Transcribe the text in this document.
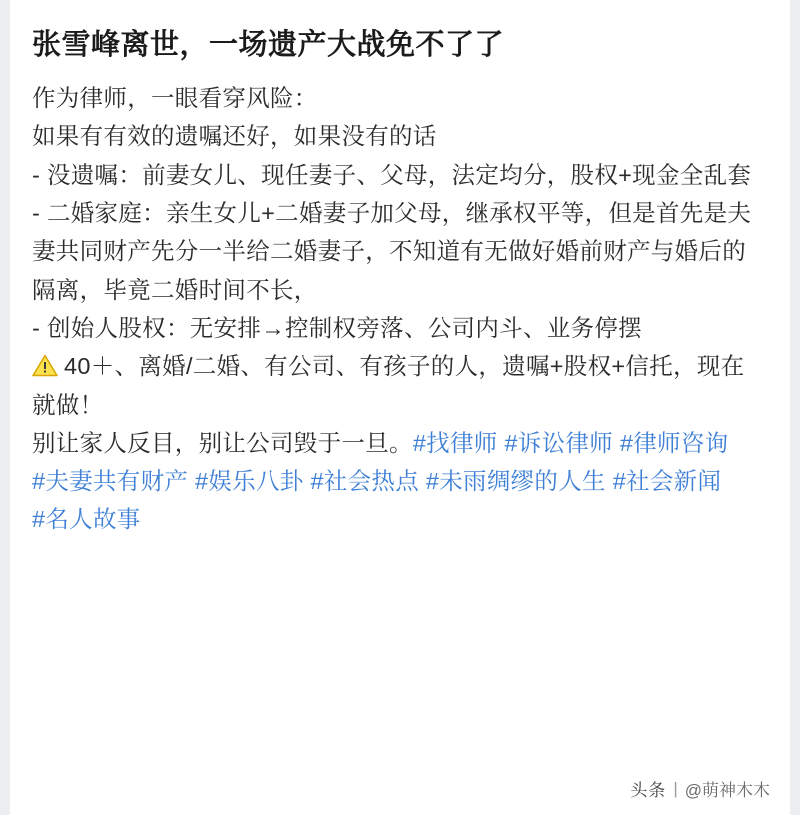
张雪峰离世，一场遗产大战免不了了

作为律师，一眼看穿风险：

如果有有效的遗嘱还好，如果没有的话

- 没遗嘱：前妻女儿、现任妻子、父母，法定均分，股权+现金全乱套

- 二婚家庭：亲生女儿+二婚妻子加父母，继承权平等，但是首先是夫妻共同财产先分一半给二婚妻子，不知道有无做好婚前财产与婚后的隔离，毕竟二婚时间不长，

- 创始人股权：无安排→控制权旁落、公司内斗、业务停摆

40＋、离婚/二婚、有公司、有孩子的人，遗嘱+股权+信托，现在就做！

别让家人反目，别让公司毁于一旦。#找律师 #诉讼律师 #律师咨询 #夫妻共有财产 #娱乐八卦 #社会热点 #未雨绸缪的人生 #社会新闻 #名人故事

头条 | @萌神木木
